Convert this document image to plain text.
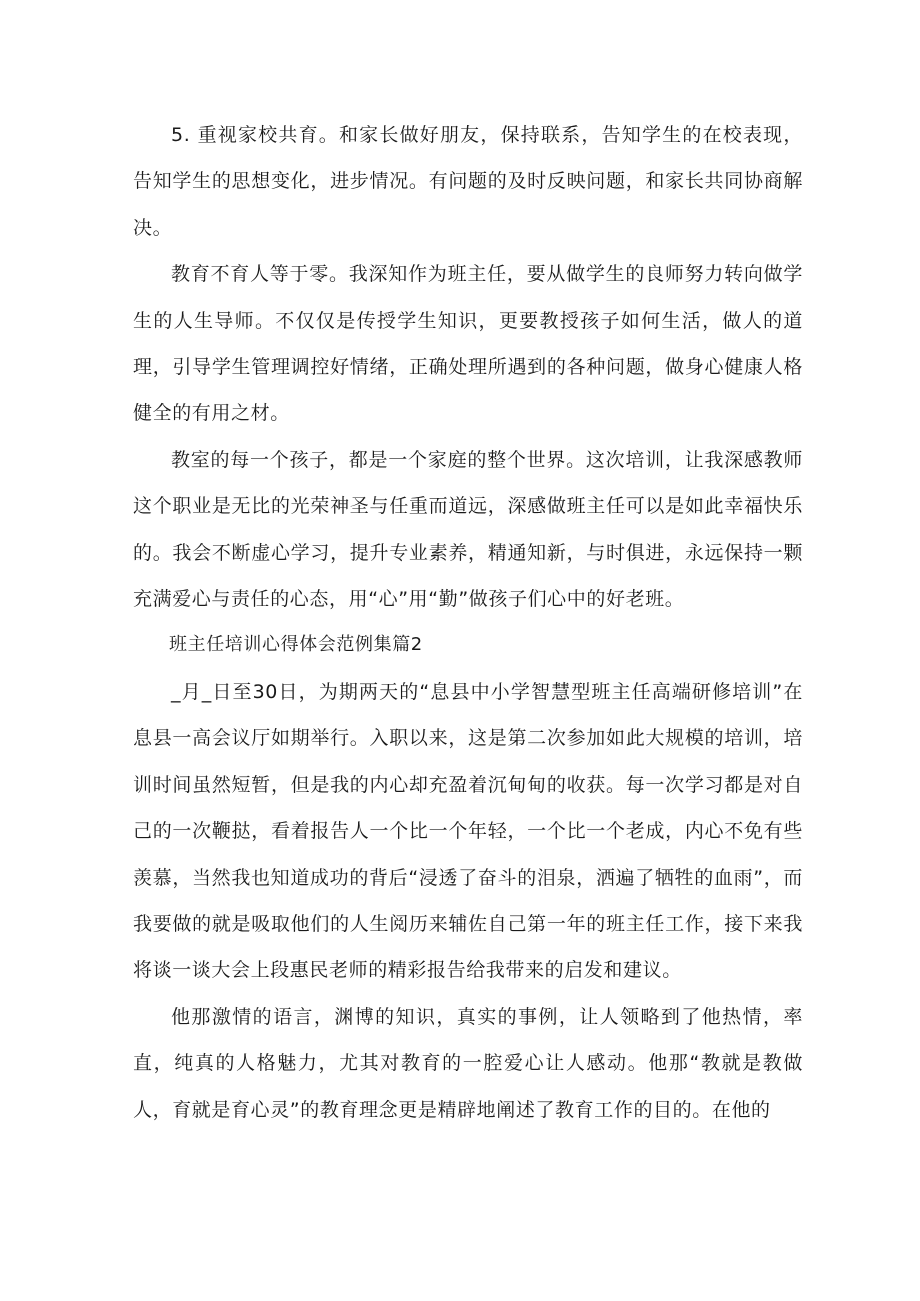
5. 重视家校共育。和家长做好朋友，保持联系，告知学生的在校表现，告知学生的思想变化，进步情况。有问题的及时反映问题，和家长共同协商解决。

教育不育人等于零。我深知作为班主任，要从做学生的良师努力转向做学生的人生导师。不仅仅是传授学生知识，更要教授孩子如何生活，做人的道理，引导学生管理调控好情绪，正确处理所遇到的各种问题，做身心健康人格健全的有用之材。

教室的每一个孩子，都是一个家庭的整个世界。这次培训，让我深感教师这个职业是无比的光荣神圣与任重而道远，深感做班主任可以是如此幸福快乐的。我会不断虚心学习，提升专业素养，精通知新，与时俱进，永远保持一颗充满爱心与责任的心态，用“心”用“勤”做孩子们心中的好老班。

班主任培训心得体会范例集篇2

_月_日至30日，为期两天的“息县中小学智慧型班主任高端研修培训”在息县一高会议厅如期举行。入职以来，这是第二次参加如此大规模的培训，培训时间虽然短暂，但是我的内心却充盈着沉甸甸的收获。每一次学习都是对自己的一次鞭挞，看着报告人一个比一个年轻，一个比一个老成，内心不免有些羡慕，当然我也知道成功的背后“浸透了奋斗的泪泉，洒遍了牺牲的血雨”，而我要做的就是吸取他们的人生阅历来辅佐自己第一年的班主任工作，接下来我将谈一谈大会上段惠民老师的精彩报告给我带来的启发和建议。

他那激情的语言，渊博的知识，真实的事例，让人领略到了他热情，率直，纯真的人格魅力，尤其对教育的一腔爱心让人感动。他那“教就是教做人，育就是育心灵”的教育理念更是精辟地阐述了教育工作的目的。在他的
